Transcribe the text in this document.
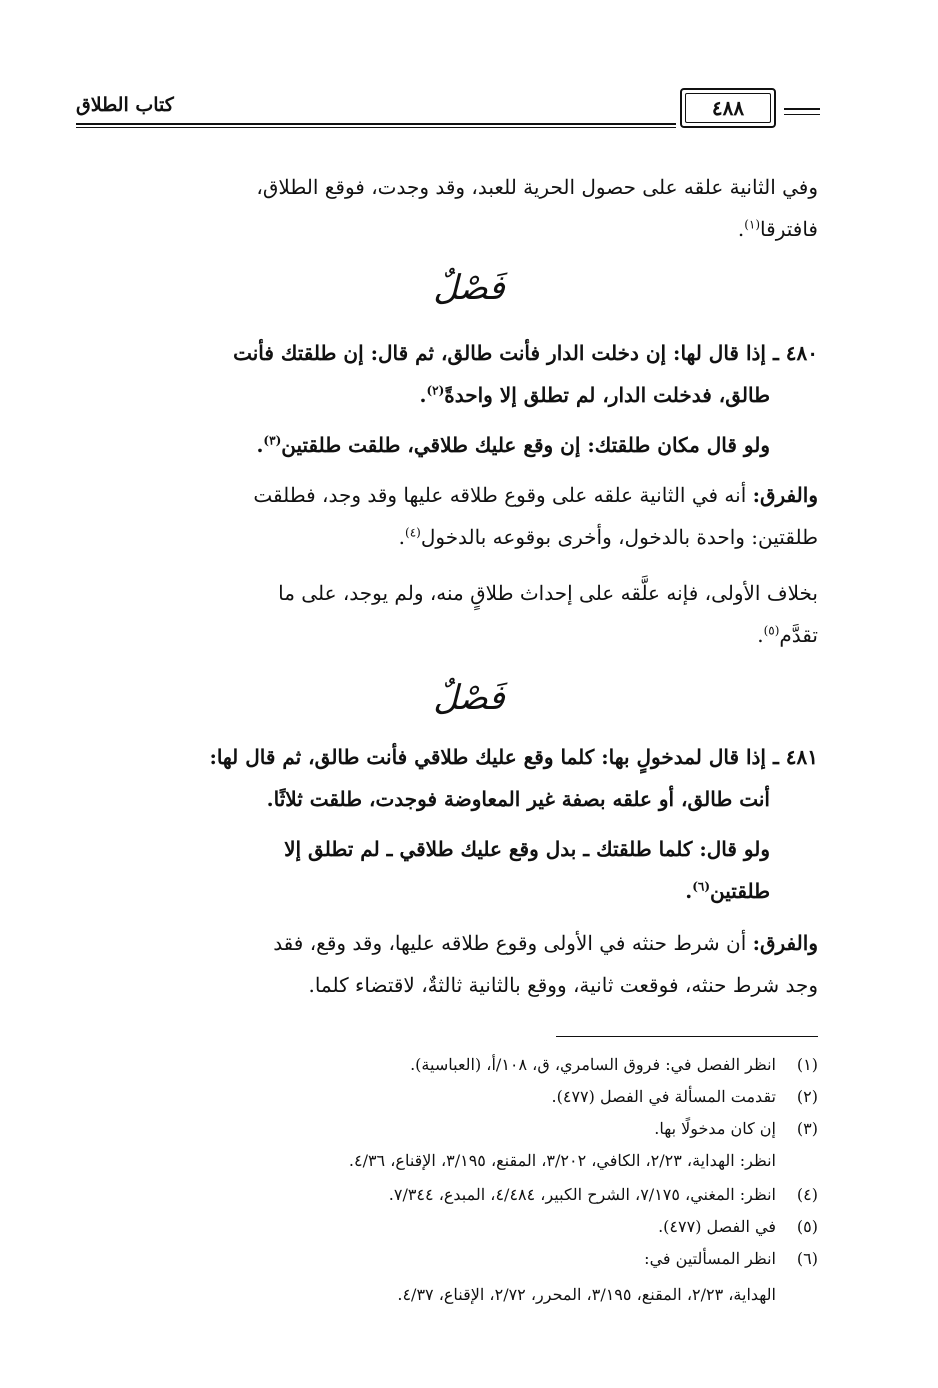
كتاب الطلاق	٤٨٨
وفي الثانية علقه على حصول الحرية للعبد، وقد وجدت، فوقع الطلاق،
فافترقا$^{(١)}$.
فَصْلٌ
٤٨٠ ـ إذا قال لها: إن دخلت الدار فأنت طالق، ثم قال: إن طلقتك فأنت
طالق، فدخلت الدار، لم تطلق إلا واحدةً$^{(٢)}$.
ولو قال مكان طلقتك: إن وقع عليك طلاقي، طلقت طلقتين$^{(٣)}$.
والفرق: أنه في الثانية علقه على وقوع طلاقه عليها وقد وجد، فطلقت
طلقتين: واحدة بالدخول، وأخرى بوقوعه بالدخول$^{(٤)}$.
بخلاف الأولى، فإنه علَّقه على إحداث طلاقٍ منه، ولم يوجد، على ما
تقدَّم$^{(٥)}$.
فَصْلٌ
٤٨١ ـ إذا قال لمدخولٍ بها: كلما وقع عليك طلاقي فأنت طالق، ثم قال لها:
أنت طالق، أو علقه بصفة غير المعاوضة فوجدت، طلقت ثلاثًا.
ولو قال: كلما طلقتك ـ بدل وقع عليك طلاقي ـ لم تطلق إلا
طلقتين$^{(٦)}$.
والفرق: أن شرط حنثه في الأولى وقوع طلاقه عليها، وقد وقع، فقد
وجد شرط حنثه، فوقعت ثانية، ووقع بالثانية ثالثةٌ، لاقتضاء كلما.
(١)انظر الفصل في: فروق السامري، ق، ١٠٨/أ، (العباسية).
(٢)تقدمت المسألة في الفصل (٤٧٧).
(٣)إن كان مدخولًا بها.
انظر: الهداية، ٢/٢٣، الكافي، ٣/٢٠٢، المقنع، ٣/١٩٥، الإقناع، ٤/٣٦.
(٤)انظر: المغني، ٧/١٧٥، الشرح الكبير، ٤/٤٨٤، المبدع، ٧/٣٤٤.
(٥)في الفصل (٤٧٧).
(٦)انظر المسألتين في:
الهداية، ٢/٢٣، المقنع، ٣/١٩٥، المحرر، ٢/٧٢، الإقناع، ٤/٣٧.
